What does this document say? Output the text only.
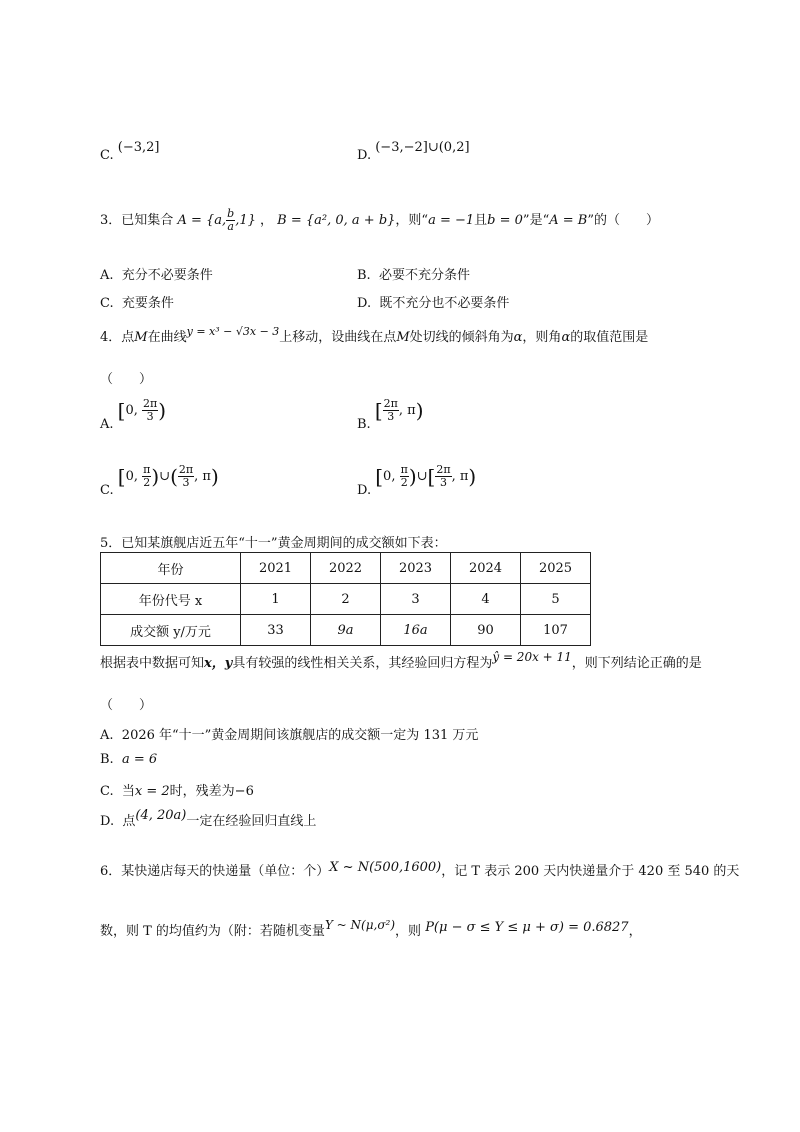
C. (−3,2]
D. (−3,−2]∪(0,2]
3．已知集合 A = {a, $\frac{b}{a} ,1$} ， B = {a², 0, a + b}，则“a = −1且b = 0”是“A = B”的（　　）
A. 充分不必要条件	B. 必要不充分条件
C. 充要条件	D. 既不充分也不必要条件
4．点M在曲线$^{y = x^3 - √3x - 3}$上移动，设曲线在点M处切线的倾斜角为α，则角α的取值范围是
（　　）
A. [0, $\frac{2\pi}{3}$ )
B. [ $\frac{2\pi}{3}$ , π)
C. [0, $\frac{\pi}{2}$ )∪( $\frac{2\pi}{3}$ , π)
D. [0, $\frac{\pi}{2}$ )∪[ $\frac{2\pi}{3}$ , π)
5．已知某旗舰店近五年“十一”黄金周期间的成交额如下表：
年份	2021	2022	2023	2024	2025
年份代号 x	1	2	3	4	5
成交额 y/万元	33	9a	16a	90	107
根据表中数据可知x，y具有较强的线性相关关系，其经验回归方程为ŷ = 20x + 11，则下列结论正确的是
（　　）
A. 2026 年“十一”黄金周期间该旗舰店的成交额一定为 131 万元
B. a = 6
C. 当x = 2时，残差为−6
D. 点(4, 20a)一定在经验回归直线上
6．某快递店每天的快递量（单位：个）X ~ N(500,1600)，记 T 表示 200 天内快递量介于 420 至 540 的天
数，则 T 的均值约为（附：若随机变量Y ~ N(μ,σ²)，则 P(μ − σ ≤ Y ≤ μ + σ) = 0.6827，
